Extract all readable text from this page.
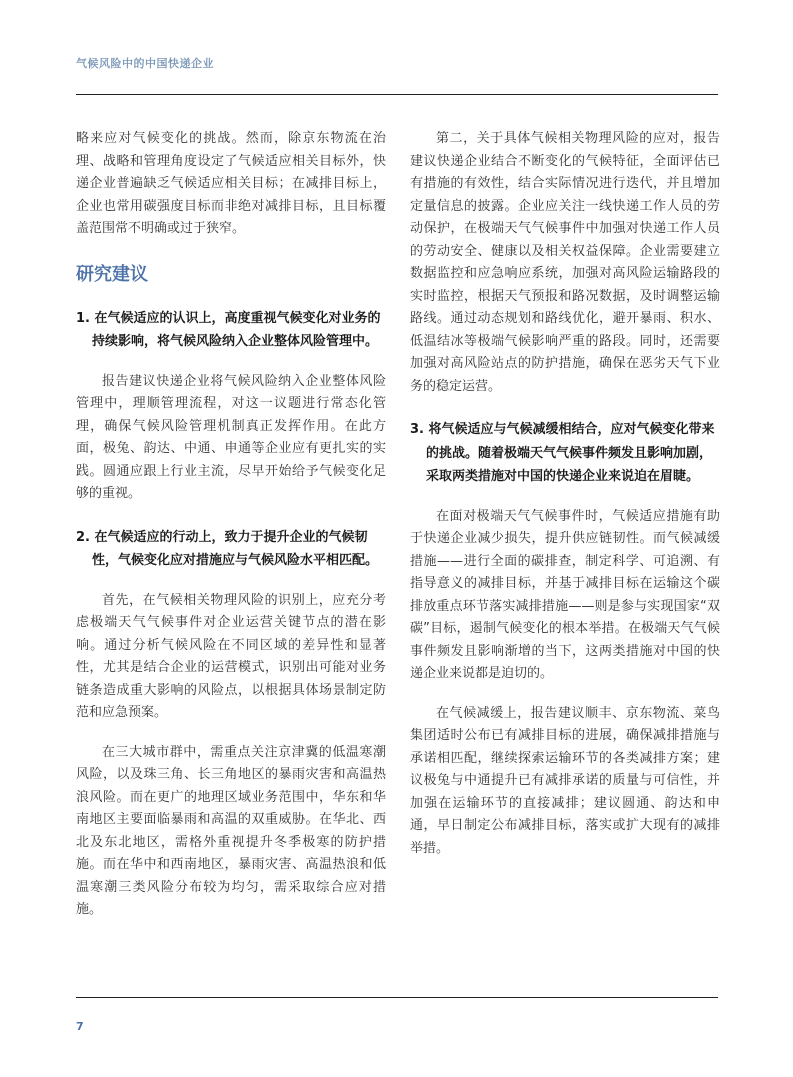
气候风险中的中国快递企业

略来应对气候变化的挑战。然而，除京东物流在治理、战略和管理角度设定了气候适应相关目标外，快递企业普遍缺乏气候适应相关目标；在减排目标上，企业也常用碳强度目标而非绝对减排目标，且目标覆盖范围常不明确或过于狭窄。

研究建议

1. 在气候适应的认识上，高度重视气候变化对业务的持续影响，将气候风险纳入企业整体风险管理中。

报告建议快递企业将气候风险纳入企业整体风险管理中，理顺管理流程，对这一议题进行常态化管理，确保气候风险管理机制真正发挥作用。在此方面，极兔、韵达、中通、申通等企业应有更扎实的实践。圆通应跟上行业主流，尽早开始给予气候变化足够的重视。

2. 在气候适应的行动上，致力于提升企业的气候韧性，气候变化应对措施应与气候风险水平相匹配。

首先，在气候相关物理风险的识别上，应充分考虑极端天气气候事件对企业运营关键节点的潜在影响。通过分析气候风险在不同区域的差异性和显著性，尤其是结合企业的运营模式，识别出可能对业务链条造成重大影响的风险点，以根据具体场景制定防范和应急预案。

在三大城市群中，需重点关注京津冀的低温寒潮风险，以及珠三角、长三角地区的暴雨灾害和高温热浪风险。而在更广的地理区域业务范围中，华东和华南地区主要面临暴雨和高温的双重威胁。在华北、西北及东北地区，需格外重视提升冬季极寒的防护措施。而在华中和西南地区，暴雨灾害、高温热浪和低温寒潮三类风险分布较为均匀，需采取综合应对措施。

第二，关于具体气候相关物理风险的应对，报告建议快递企业结合不断变化的气候特征，全面评估已有措施的有效性，结合实际情况进行迭代，并且增加定量信息的披露。企业应关注一线快递工作人员的劳动保护，在极端天气气候事件中加强对快递工作人员的劳动安全、健康以及相关权益保障。企业需要建立数据监控和应急响应系统，加强对高风险运输路段的实时监控，根据天气预报和路况数据，及时调整运输路线。通过动态规划和路线优化，避开暴雨、积水、低温结冰等极端气候影响严重的路段。同时，还需要加强对高风险站点的防护措施，确保在恶劣天气下业务的稳定运营。

3. 将气候适应与气候减缓相结合，应对气候变化带来的挑战。随着极端天气气候事件频发且影响加剧，采取两类措施对中国的快递企业来说迫在眉睫。

在面对极端天气气候事件时，气候适应措施有助于快递企业减少损失，提升供应链韧性。而气候减缓措施——进行全面的碳排查，制定科学、可追溯、有指导意义的减排目标，并基于减排目标在运输这个碳排放重点环节落实减排措施——则是参与实现国家“双碳”目标，遏制气候变化的根本举措。在极端天气气候事件频发且影响渐增的当下，这两类措施对中国的快递企业来说都是迫切的。

在气候减缓上，报告建议顺丰、京东物流、菜鸟集团适时公布已有减排目标的进展，确保减排措施与承诺相匹配，继续探索运输环节的各类减排方案；建议极兔与中通提升已有减排承诺的质量与可信性，并加强在运输环节的直接减排；建议圆通、韵达和申通，早日制定公布减排目标，落实或扩大现有的减排举措。

7
